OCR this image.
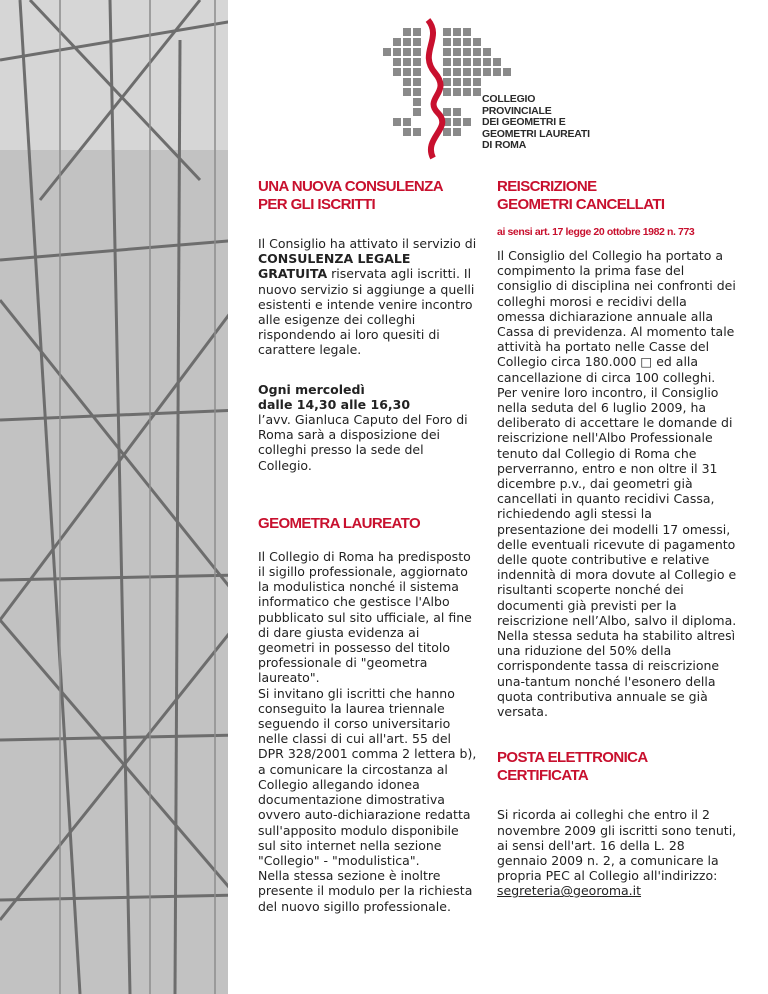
COLLEGIO
PROVINCIALE
DEI GEOMETRI E
GEOMETRI LAUREATI
DI ROMA
UNA NUOVA CONSULENZA
PER GLI ISCRITTI

Il Consiglio ha attivato il servizio di CONSULENZA LEGALE GRATUITA riservata agli iscritti. Il nuovo servizio si aggiunge a quelli esistenti e intende venire incontro alle esigenze dei colleghi rispondendo ai loro quesiti di carattere legale.

Ogni mercoledì
dalle 14,30 alle 16,30
l’avv. Gianluca Caputo del Foro di Roma sarà a disposizione dei colleghi presso la sede del Collegio.

GEOMETRA LAUREATO

Il Collegio di Roma ha predisposto il sigillo professionale, aggiornato la modulistica nonché il sistema informatico che gestisce l'Albo pubblicato sul sito ufficiale, al fine di dare giusta evidenza ai geometri in possesso del titolo professionale di "geometra laureato".

Si invitano gli iscritti che hanno conseguito la laurea triennale seguendo il corso universitario nelle classi di cui all'art. 55 del DPR 328/2001 comma 2 lettera b), a comunicare la circostanza al Collegio allegando idonea documentazione dimostrativa ovvero auto-dichiarazione redatta sull'apposito modulo disponibile sul sito internet nella sezione "Collegio" - "modulistica".

Nella stessa sezione è inoltre presente il modulo per la richiesta del nuovo sigillo professionale.

REISCRIZIONE
GEOMETRI CANCELLATI
ai sensi art. 17 legge 20 ottobre 1982 n. 773

Il Consiglio del Collegio ha portato a compimento la prima fase del consiglio di disciplina nei confronti dei colleghi morosi e recidivi della omessa dichiarazione annuale alla Cassa di previdenza. Al momento tale attività ha portato nelle Casse del Collegio circa 180.000 □ ed alla cancellazione di circa 100 colleghi. Per venire loro incontro, il Consiglio nella seduta del 6 luglio 2009, ha deliberato di accettare le domande di reiscrizione nell'Albo Professionale tenuto dal Collegio di Roma che perverranno, entro e non oltre il 31 dicembre p.v., dai geometri già cancellati in quanto recidivi Cassa, richiedendo agli stessi la presentazione dei modelli 17 omessi, delle eventuali ricevute di pagamento delle quote contributive e relative indennità di mora dovute al Collegio e risultanti scoperte nonché dei documenti già previsti per la reiscrizione nell’Albo, salvo il diploma. Nella stessa seduta ha stabilito altresì una riduzione del 50% della corrispondente tassa di reiscrizione una-tantum nonché l'esonero della quota contributiva annuale se già versata.

POSTA ELETTRONICA
CERTIFICATA

Si ricorda ai colleghi che entro il 2 novembre 2009 gli iscritti sono tenuti, ai sensi dell'art. 16 della L. 28 gennaio 2009 n. 2, a comunicare la propria PEC al Collegio all'indirizzo:
segreteria@georoma.it
